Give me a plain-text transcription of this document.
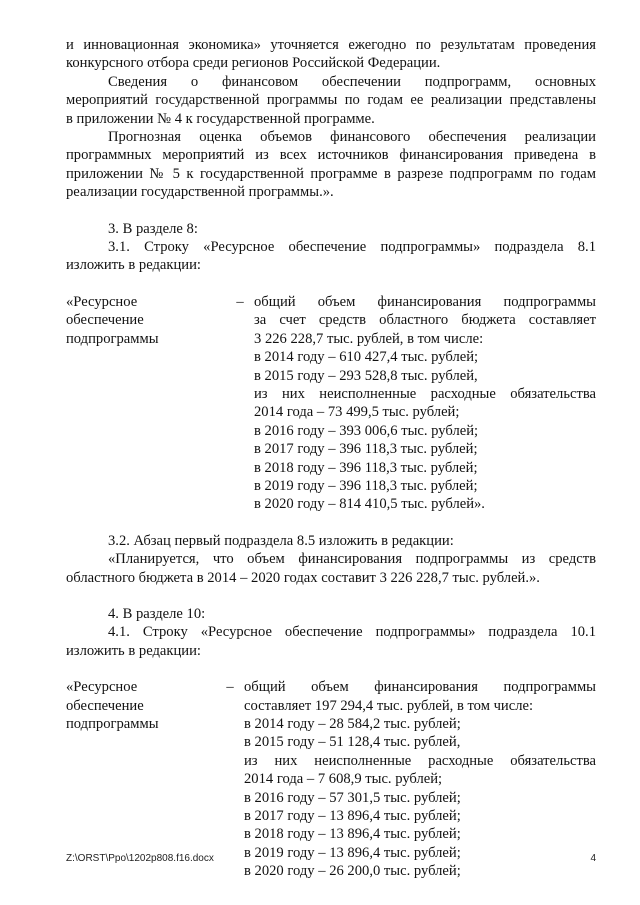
и инновационная экономика» уточняется ежегодно по результатам проведения

конкурсного отбора среди регионов Российской Федерации.

Сведения о финансовом обеспечении подпрограмм, основных

мероприятий государственной программы по годам ее реализации представлены

в приложении № 4 к государственной программе.

Прогнозная оценка объемов финансового обеспечения реализации

программных мероприятий из всех источников финансирования приведена в

приложении № 5 к государственной программе в разрезе подпрограмм по годам

реализации государственной программы.».

3. В разделе 8:

3.1. Строку «Ресурсное обеспечение подпрограммы» подраздела 8.1

изложить в редакции:

«Ресурсное
обеспечение
подпрограммы
– общий объем финансирования подпрограммы
за счет средств областного бюджета составляет
3 226 228,7 тыс. рублей, в том числе:
в 2014 году – 610 427,4 тыс. рублей;
в 2015 году – 293 528,8 тыс. рублей,
из них неисполненные расходные обязательства
2014 года – 73 499,5 тыс. рублей;
в 2016 году – 393 006,6 тыс. рублей;
в 2017 году – 396 118,3 тыс. рублей;
в 2018 году – 396 118,3 тыс. рублей;
в 2019 году – 396 118,3 тыс. рублей;
в 2020 году – 814 410,5 тыс. рублей».

3.2. Абзац первый подраздела 8.5 изложить в редакции:

«Планируется, что объем финансирования подпрограммы из средств

областного бюджета в 2014 – 2020 годах составит 3 226 228,7 тыс. рублей.».

4. В разделе 10:

4.1. Строку «Ресурсное обеспечение подпрограммы» подраздела 10.1

изложить в редакции:

«Ресурсное
обеспечение
подпрограммы
– общий объем финансирования подпрограммы
составляет 197 294,4 тыс. рублей, в том числе:
в 2014 году – 28 584,2 тыс. рублей;
в 2015 году – 51 128,4 тыс. рублей,
из них неисполненные расходные обязательства
2014 года – 7 608,9 тыс. рублей;
в 2016 году – 57 301,5 тыс. рублей;
в 2017 году – 13 896,4 тыс. рублей;
в 2018 году – 13 896,4 тыс. рублей;
в 2019 году – 13 896,4 тыс. рублей;
в 2020 году – 26 200,0 тыс. рублей;
Z:\ORST\Ppo\1202p808.f16.docx	4
